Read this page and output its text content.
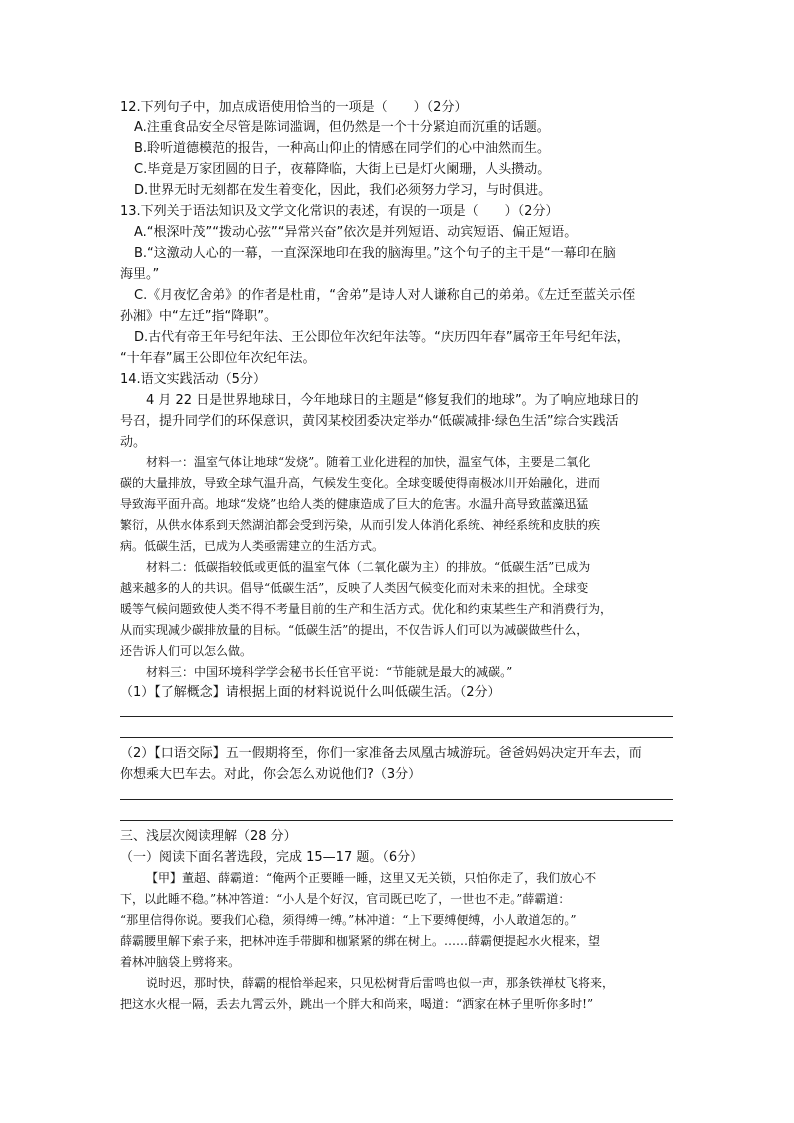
12.下列句子中，加点成语使用恰当的一项是（　　）（2分）
A.注重食品安全尽管是陈词滥调，但仍然是一个十分紧迫而沉重的话题。
B.聆听道德模范的报告，一种高山仰止的情感在同学们的心中油然而生。
C.毕竟是万家团圆的日子，夜幕降临，大街上已是灯火阑珊，人头攒动。
D.世界无时无刻都在发生着变化，因此，我们必须努力学习，与时俱进。
13.下列关于语法知识及文学文化常识的表述，有误的一项是（　　）（2分）
A.“根深叶茂”“拨动心弦”“异常兴奋”依次是并列短语、动宾短语、偏正短语。
B.“这激动人心的一幕，一直深深地印在我的脑海里。”这个句子的主干是“一幕印在脑
海里。”
C.《月夜忆舍弟》的作者是杜甫，“舍弟”是诗人对人谦称自己的弟弟。《左迁至蓝关示侄
孙湘》中“左迁”指“降职”。
D.古代有帝王年号纪年法、王公即位年次纪年法等。“庆历四年春”属帝王年号纪年法，
“十年春”属王公即位年次纪年法。
14.语文实践活动（5分）
4 月 22 日是世界地球日，今年地球日的主题是“修复我们的地球”。为了响应地球日的
号召，提升同学们的环保意识，黄冈某校团委决定举办“低碳减排·绿色生活”综合实践活
动。
材料一：温室气体让地球“发烧”。随着工业化进程的加快，温室气体，主要是二氧化
碳的大量排放，导致全球气温升高，气候发生变化。全球变暖使得南极冰川开始融化，进而
导致海平面升高。地球“发烧”也给人类的健康造成了巨大的危害。水温升高导致蓝藻迅猛
繁衍，从供水体系到天然湖泊都会受到污染，从而引发人体消化系统、神经系统和皮肤的疾
病。低碳生活，已成为人类亟需建立的生活方式。
材料二：低碳指较低或更低的温室气体（二氧化碳为主）的排放。“低碳生活”已成为
越来越多的人的共识。倡导“低碳生活”，反映了人类因气候变化而对未来的担忧。全球变
暖等气候问题致使人类不得不考量目前的生产和生活方式。优化和约束某些生产和消费行为，
从而实现减少碳排放量的目标。“低碳生活”的提出，不仅告诉人们可以为减碳做些什么，
还告诉人们可以怎么做。
材料三：中国环境科学学会秘书长任官平说：“节能就是最大的减碳。”
（1）【了解概念】请根据上面的材料说说什么叫低碳生活。（2分）
（2）【口语交际】五一假期将至，你们一家准备去凤凰古城游玩。爸爸妈妈决定开车去，而
你想乘大巴车去。对此，你会怎么劝说他们?（3分）
三、浅层次阅读理解（28 分）
（一）阅读下面名著选段，完成 15—17 题。（6分）
【甲】董超、薛霸道：“俺两个正要睡一睡，这里又无关锁，只怕你走了，我们放心不
下，以此睡不稳。”林冲答道：“小人是个好汉，官司既已吃了，一世也不走。”薛霸道：
“那里信得你说。要我们心稳，须得缚一缚。”林冲道：“上下要缚便缚，小人敢道怎的。”
薛霸腰里解下索子来，把林冲连手带脚和枷紧紧的绑在树上。……薛霸便提起水火棍来，望
着林冲脑袋上劈将来。
说时迟，那时快，薛霸的棍恰举起来，只见松树背后雷鸣也似一声，那条铁禅杖飞将来，
把这水火棍一隔，丢去九霄云外，跳出一个胖大和尚来，喝道：“洒家在林子里听你多时!”
